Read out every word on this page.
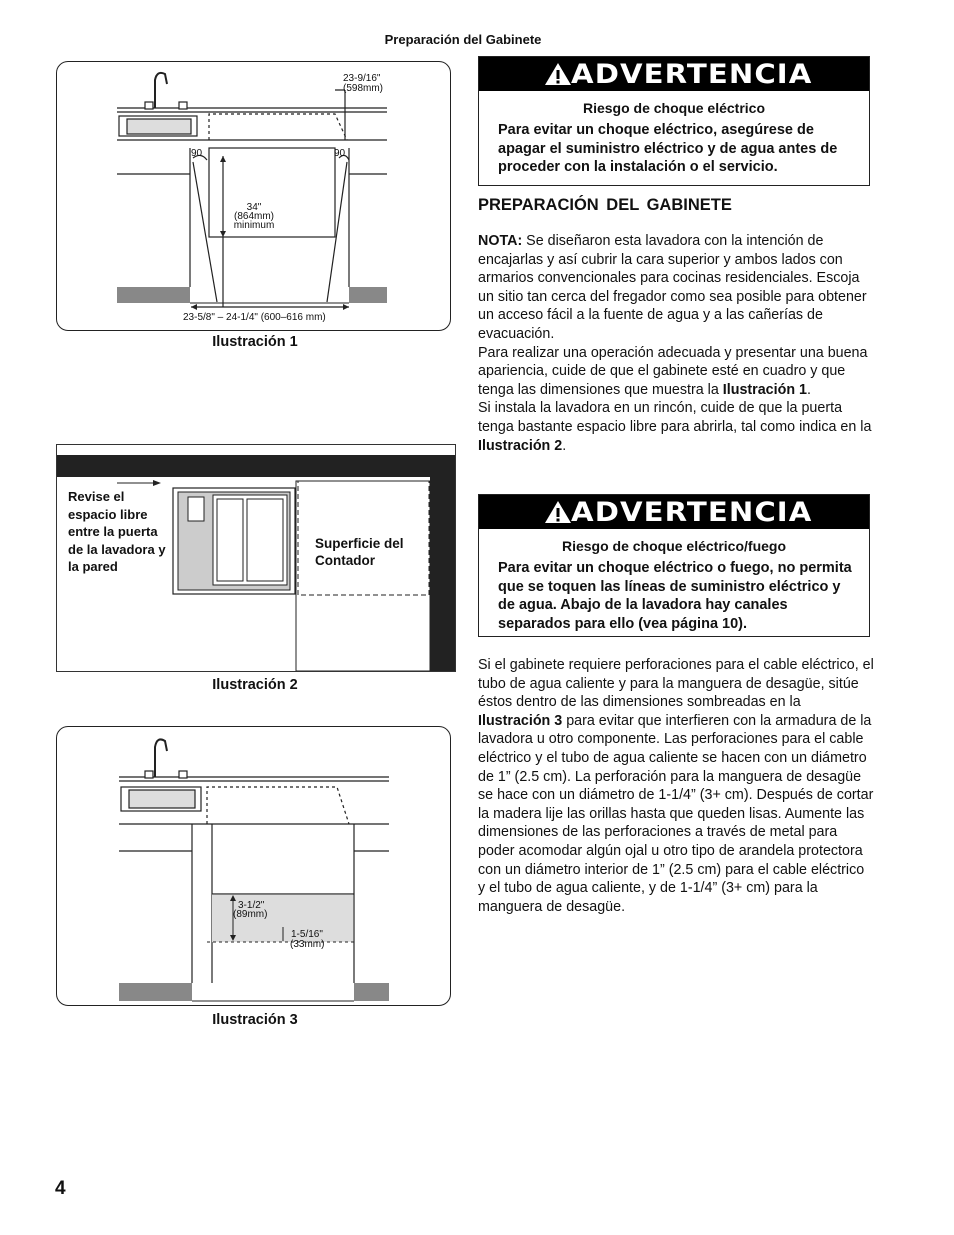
Preparación del Gabinete
23-9/16"
(598mm)
90	90
34"
(864mm)
minimum
23-5/8" – 24-1/4" (600–616 mm)
Ilustración 1
Revise el espacio libre entre la puerta de la lavadora y la pared
Superficie del Contador
Ilustración 2
3-1/2"
(89mm)
1-5/16"
(33mm)
Ilustración 3
ADVERTENCIA
Riesgo de choque eléctrico
Para evitar un choque eléctrico, asegúrese de apagar el suministro eléctrico y de agua antes de proceder con la instalación o el servicio.
PREPARACIÓN DEL GABINETE

NOTA: Se diseñaron esta lavadora con la intención de encajarlas y así cubrir la cara superior y ambos lados con armarios convencionales para cocinas residenciales. Escoja un sitio tan cerca del fregador como sea posible para obtener un acceso fácil a la fuente de agua y a las cañerías de evacuación.

Para realizar una operación adecuada y presentar una buena apariencia, cuide de que el gabinete esté en cuadro y que tenga las dimensiones que muestra la Ilustración 1.

Si instala la lavadora en un rincón, cuide de que la puerta tenga bastante espacio libre para abrirla, tal como indica en la Ilustración 2.

ADVERTENCIA
Riesgo de choque eléctrico/fuego
Para evitar un choque eléctrico o fuego, no permita que se toquen las líneas de suministro eléctrico y de agua. Abajo de la lavadora hay canales separados para ello (vea página 10).

Si el gabinete requiere perforaciones para el cable eléctrico, el tubo de agua caliente y para la manguera de desagüe, sitúe éstos dentro de las dimensiones sombreadas en la Ilustración 3 para evitar que interfieren con la armadura de la lavadora u otro componente. Las perforaciones para el cable eléctrico y el tubo de agua caliente se hacen con un diámetro de 1” (2.5 cm). La perforación para la manguera de desagüe se hace con un diámetro de 1-1/4” (3+ cm). Después de cortar la madera lije las orillas hasta que queden lisas. Aumente las dimensiones de las perforaciones a través de metal para poder acomodar algún ojal u otro tipo de arandela protectora con un diámetro interior de 1” (2.5 cm) para el cable eléctrico y el tubo de agua caliente, y de 1-1/4” (3+ cm) para la manguera de desagüe.

4
